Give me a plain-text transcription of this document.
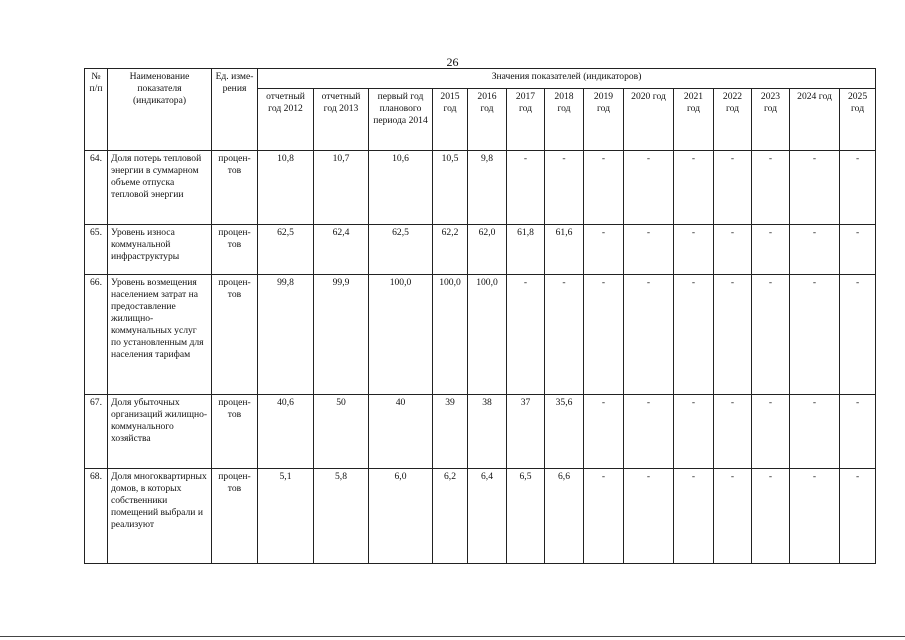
26
№ п/п	Наименование показателя (индикатора)	Ед. изме-рения	Значения показателей (индикаторов)													
			отчетный год 2012	отчетный год 2013	первый год планового периода 2014	2015 год	2016 год	2017 год	2018 год	2019 год	2020 год	2021 год	2022 год	2023 год	2024 год	2025 год
64.	Доля потерь тепловой энергии в суммарном объеме отпуска тепловой энергии	процен-тов	10,8	10,7	10,6	10,5	9,8	-	-	-	-	-	-	-	-	-
65.	Уровень износа коммунальной инфраструктуры	процен-тов	62,5	62,4	62,5	62,2	62,0	61,8	61,6	-	-	-	-	-	-	-
66.	Уровень возмещения населением затрат на предоставление жилищно-коммунальных услуг по установленным для населения тарифам	процен-тов	99,8	99,9	100,0	100,0	100,0	-	-	-	-	-	-	-	-	-
67.	Доля убыточных организаций жилищно-коммунального хозяйства	процен-тов	40,6	50	40	39	38	37	35,6	-	-	-	-	-	-	-
68.	Доля многоквартирных домов, в которых собственники помещений выбрали и реализуют	процен-тов	5,1	5,8	6,0	6,2	6,4	6,5	6,6	-	-	-	-	-	-	-
